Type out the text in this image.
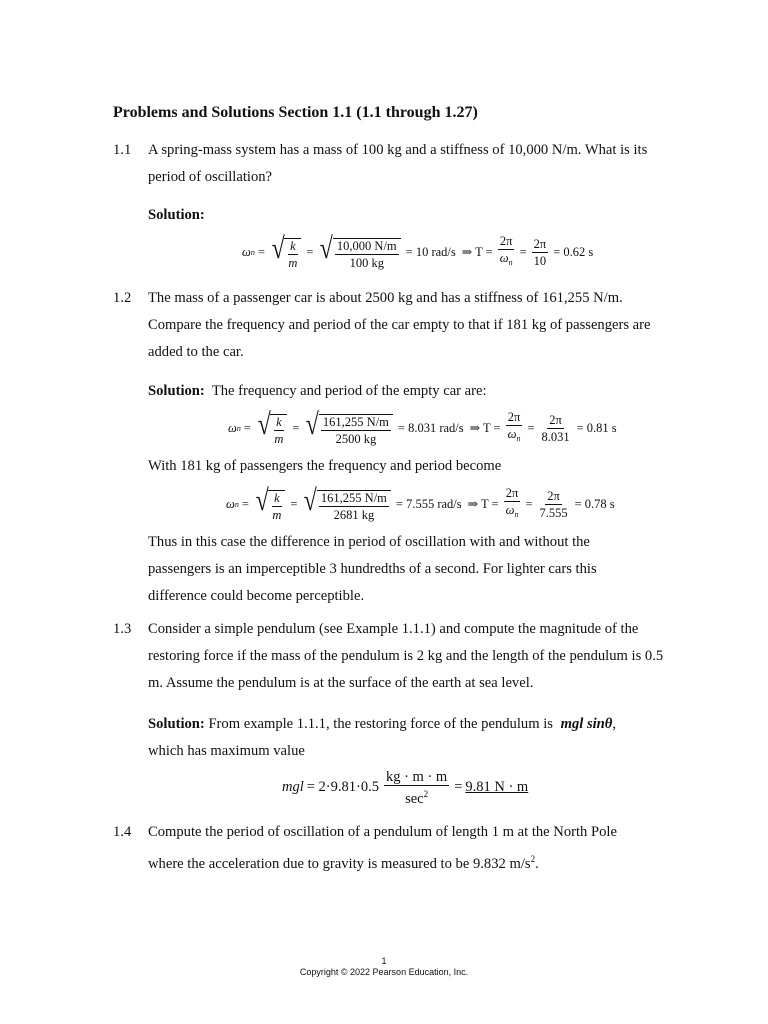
Problems and Solutions Section 1.1 (1.1 through 1.27)
1.1 A spring-mass system has a mass of 100 kg and a stiffness of 10,000 N/m. What is its period of oscillation?
Solution:
ω n = √ $\frac{k}{m}$ = √ $\frac{10,000 N/m}{100 kg} = 10$ rad/s ⇒ $T = \frac{2\pi}{\omega_n} = \frac{2\pi}{10} = 0.62$ s
1.2 The mass of a passenger car is about 2500 kg and has a stiffness of 161,255 N/m. Compare the frequency and period of the car empty to that if 181 kg of passengers are added to the car.
Solution: The frequency and period of the empty car are:
ω n = √ $\frac{k}{m}$ = √ $\frac{161,255 N/m}{2500 kg} = 8.031$ rad/s ⇒ $T = \frac{2\pi}{\omega_n} = \frac{2\pi}{8.031} = 0.81$ s
With 181 kg of passengers the frequency and period become
ω n = √ $\frac{k}{m}$ = √ $\frac{161,255 N/m}{2681 kg} = 7.555$ rad/s ⇒ $T = \frac{2\pi}{\omega_n} = \frac{2\pi}{7.555} = 0.78$ s
Thus in this case the difference in period of oscillation with and without the
passengers is an imperceptible 3 hundredths of a second. For lighter cars this
difference could become perceptible.
1.3 Consider a simple pendulum (see Example 1.1.1) and compute the magnitude of the restoring force if the mass of the pendulum is 2 kg and the length of the pendulum is 0.5 m. Assume the pendulum is at the surface of the earth at sea level.
Solution: From example 1.1.1, the restoring force of the pendulum is mgl sinθ,
which has maximum value
mgl = $2\cdot 9.81\cdot 0.5 \frac{kg \cdot m \cdot m}{\sec^2} = 9.81$ N · m
1.4 Compute the period of oscillation of a pendulum of length 1 m at the North Pole
where the acceleration due to gravity is measured to be 9.832 $m/s^2$.
1
Copyright © 2022 Pearson Education, Inc.
